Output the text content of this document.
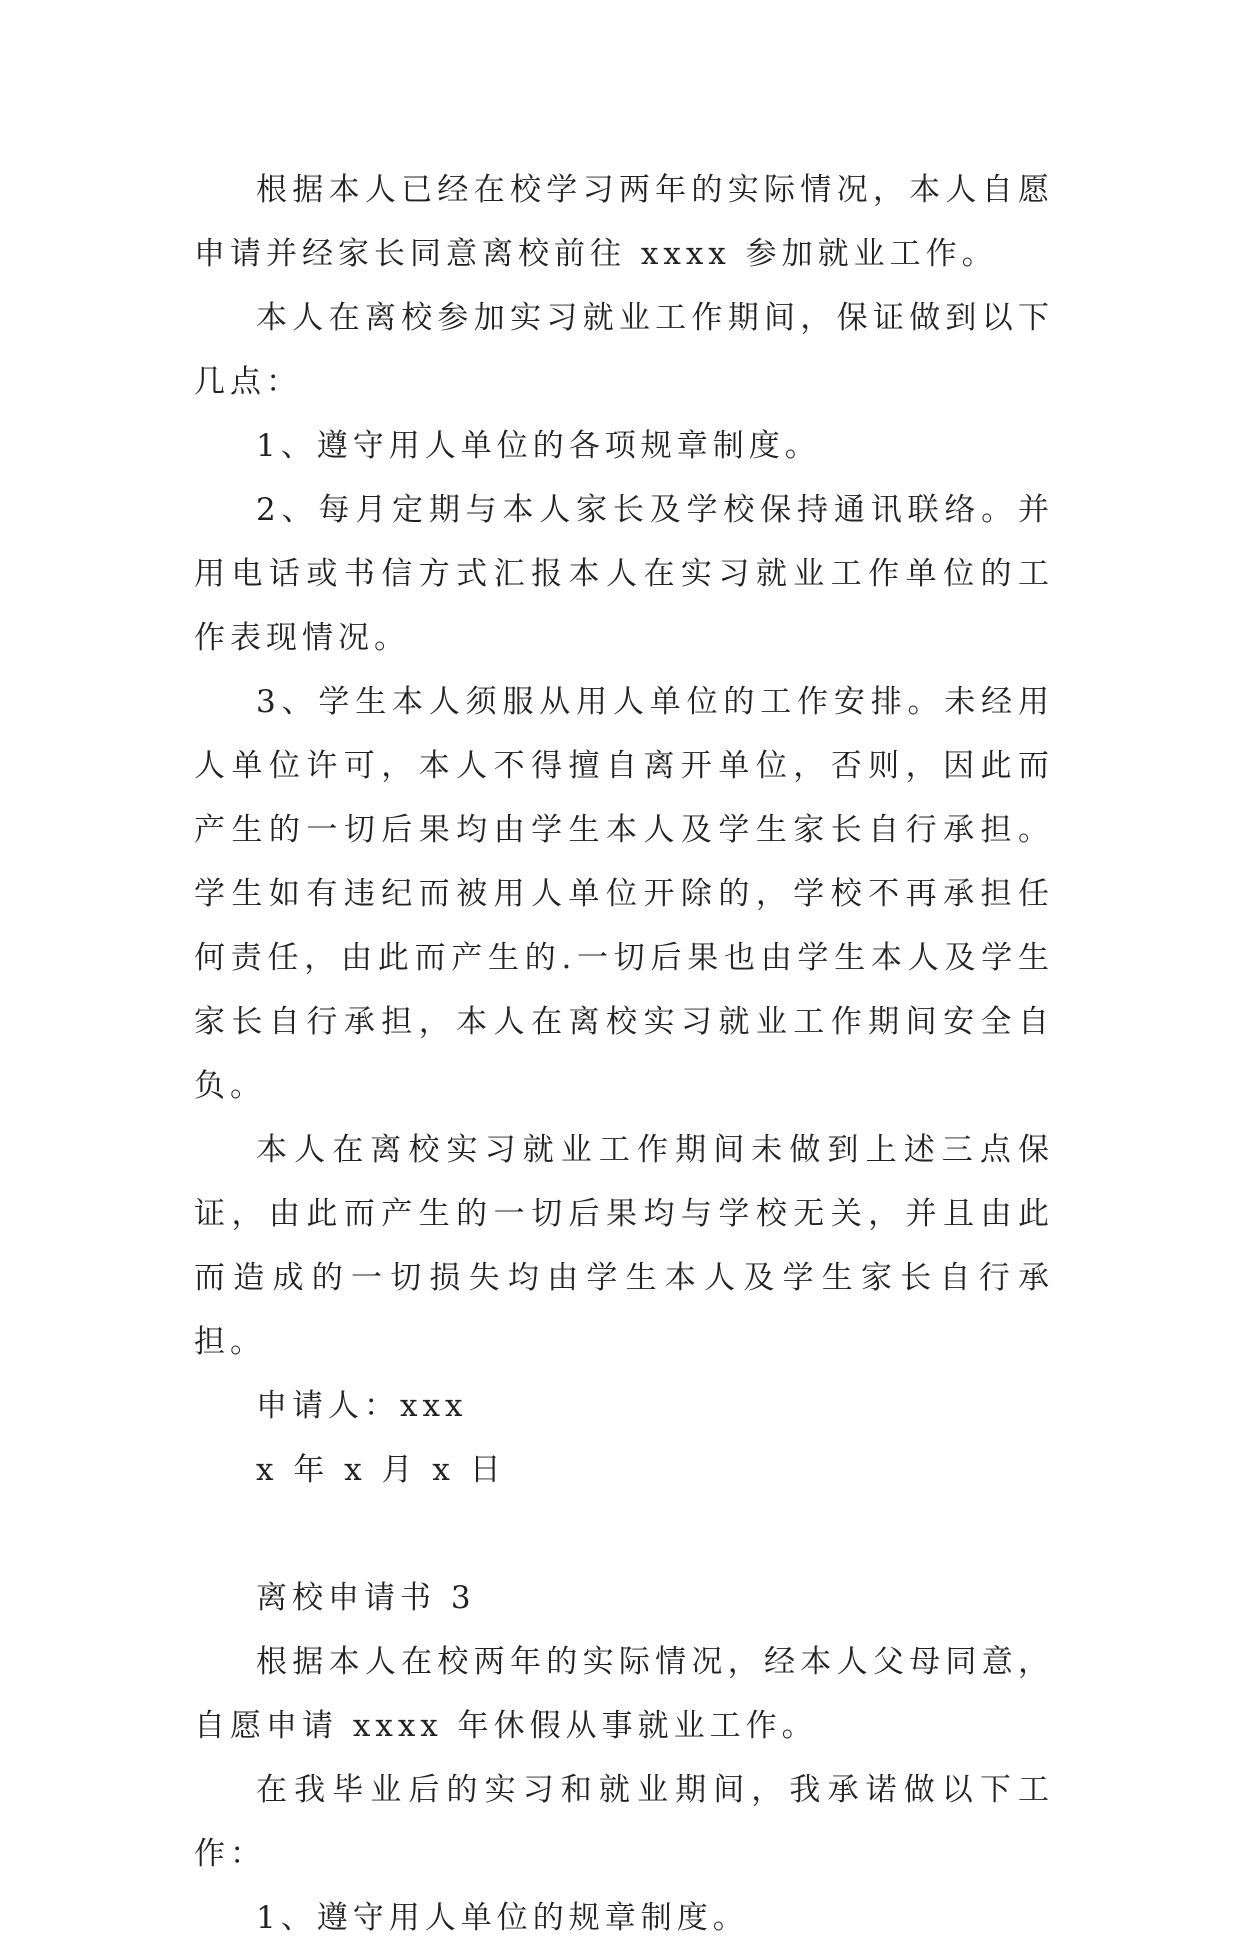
根据本人已经在校学习两年的实际情况，本人自愿申请并经家长同意离校前往 xxxx 参加就业工作。

本人在离校参加实习就业工作期间，保证做到以下几点：

1、遵守用人单位的各项规章制度。

2、每月定期与本人家长及学校保持通讯联络。并用电话或书信方式汇报本人在实习就业工作单位的工作表现情况。

3、学生本人须服从用人单位的工作安排。未经用人单位许可，本人不得擅自离开单位，否则，因此而产生的一切后果均由学生本人及学生家长自行承担。学生如有违纪而被用人单位开除的，学校不再承担任何责任，由此而产生的.一切后果也由学生本人及学生家长自行承担，本人在离校实习就业工作期间安全自负。

本人在离校实习就业工作期间未做到上述三点保证，由此而产生的一切后果均与学校无关，并且由此而造成的一切损失均由学生本人及学生家长自行承担。

申请人：xxx

x 年 x 月 x 日

离校申请书 3

根据本人在校两年的实际情况，经本人父母同意，自愿申请 xxxx 年休假从事就业工作。

在我毕业后的实习和就业期间，我承诺做以下工作：

1、遵守用人单位的规章制度。
